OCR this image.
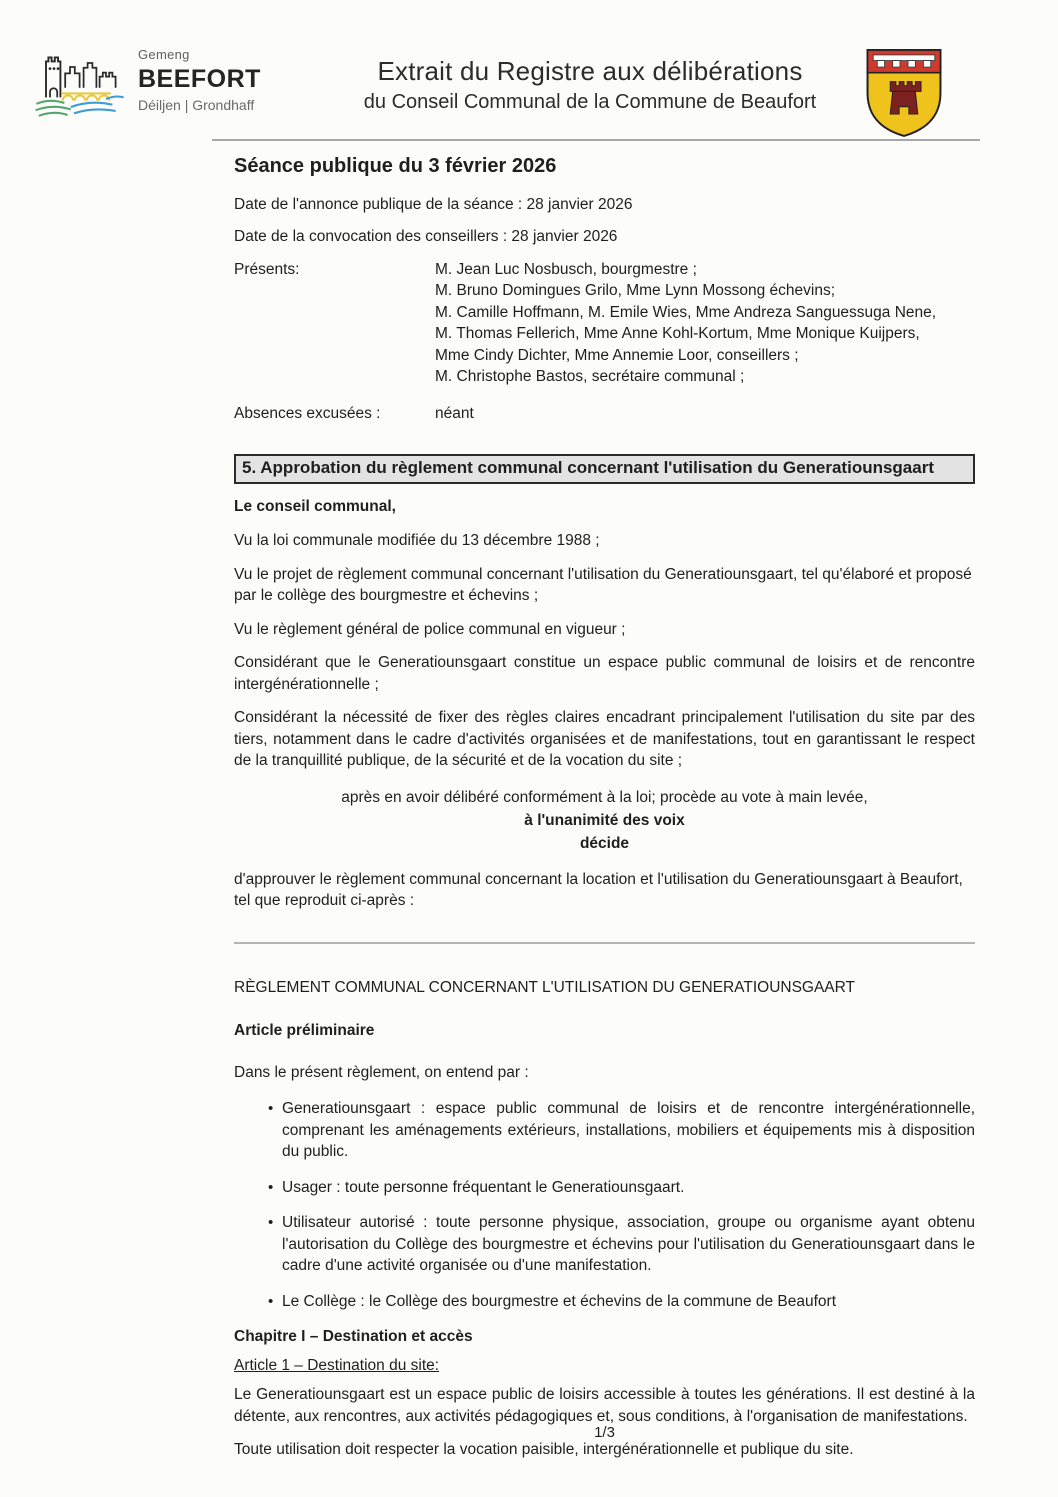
Gemeng
BEEFORT
Déiljen | Grondhaff
Extrait du Registre aux délibérations
du Conseil Communal de la Commune de Beaufort
Séance publique du 3 février 2026

Date de l'annonce publique de la séance : 28 janvier 2026

Date de la convocation des conseillers : 28 janvier 2026

Présents:	M. Jean Luc Nosbusch, bourgmestre ;
M. Bruno Domingues Grilo, Mme Lynn Mossong échevins;
M. Camille Hoffmann, M. Emile Wies, Mme Andreza Sanguessuga Nene,
M. Thomas Fellerich, Mme Anne Kohl-Kortum, Mme Monique Kuijpers,
Mme Cindy Dichter, Mme Annemie Loor, conseillers ;
M. Christophe Bastos, secrétaire communal ;
Absences excusées :	néant
5. Approbation du règlement communal concernant l'utilisation du Generatiounsgaart
Le conseil communal,

Vu la loi communale modifiée du 13 décembre 1988 ;

Vu le projet de règlement communal concernant l'utilisation du Generatiounsgaart, tel qu'élaboré et proposé par le collège des bourgmestre et échevins ;

Vu le règlement général de police communal en vigueur ;

Considérant que le Generatiounsgaart constitue un espace public communal de loisirs et de rencontre intergénérationnelle ;

Considérant la nécessité de fixer des règles claires encadrant principalement l'utilisation du site par des tiers, notamment dans le cadre d'activités organisées et de manifestations, tout en garantissant le respect de la tranquillité publique, de la sécurité et de la vocation du site ;

après en avoir délibéré conformément à la loi; procède au vote à main levée,
à l'unanimité des voix
décide

d'approuver le règlement communal concernant la location et l'utilisation du Generatiounsgaart à Beaufort, tel que reproduit ci-après :

RÈGLEMENT COMMUNAL CONCERNANT L'UTILISATION DU GENERATIOUNSGAART
Article préliminaire
Dans le présent règlement, on entend par :
• Generatiounsgaart : espace public communal de loisirs et de rencontre intergénérationnelle, comprenant les aménagements extérieurs, installations, mobiliers et équipements mis à disposition du public.
• Usager : toute personne fréquentant le Generatiounsgaart.
• Utilisateur autorisé : toute personne physique, association, groupe ou organisme ayant obtenu l'autorisation du Collège des bourgmestre et échevins pour l'utilisation du Generatiounsgaart dans le cadre d'une activité organisée ou d'une manifestation.
• Le Collège : le Collège des bourgmestre et échevins de la commune de Beaufort
Chapitre I – Destination et accès
Article 1 – Destination du site:

Le Generatiounsgaart est un espace public de loisirs accessible à toutes les générations. Il est destiné à la détente, aux rencontres, aux activités pédagogiques et, sous conditions, à l'organisation de manifestations.

Toute utilisation doit respecter la vocation paisible, intergénérationnelle et publique du site.

1/3
